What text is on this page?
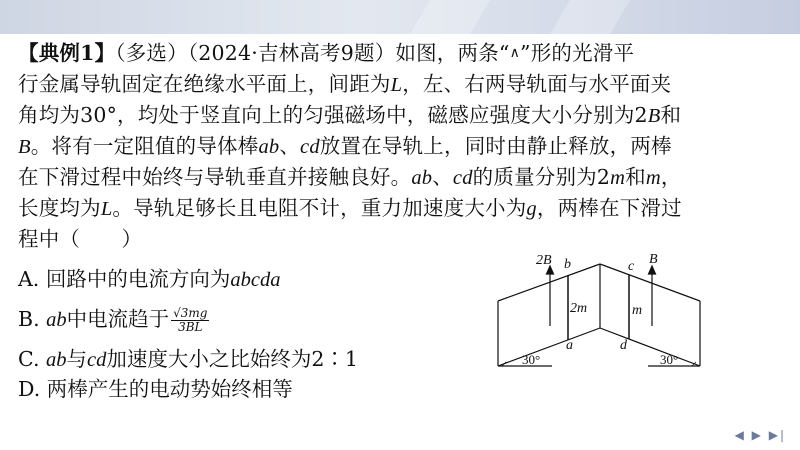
【典例1】（多选）（2024·吉林高考9题）如图，两条“∧”形的光滑平
行金属导轨固定在绝缘水平面上，间距为L，左、右两导轨面与水平面夹
角均为30°，均处于竖直向上的匀强磁场中，磁感应强度大小分别为2B和
B。将有一定阻值的导体棒ab、cd放置在导轨上，同时由静止释放，两棒
在下滑过程中始终与导轨垂直并接触良好。ab、cd的质量分别为2m和m，
长度均为L。导轨足够长且电阻不计，重力加速度大小为g，两棒在下滑过
程中（　　）
A. 回路中的电流方向为abcda
B. ab中电流趋于 $\frac{√3mg}{3BL}$
C. ab与cd加速度大小之比始终为2∶1
D. 两棒产生的电动势始终相等
2B b	c B
2m	m
a	d
30°	30°
◀ ▶ ▶|
